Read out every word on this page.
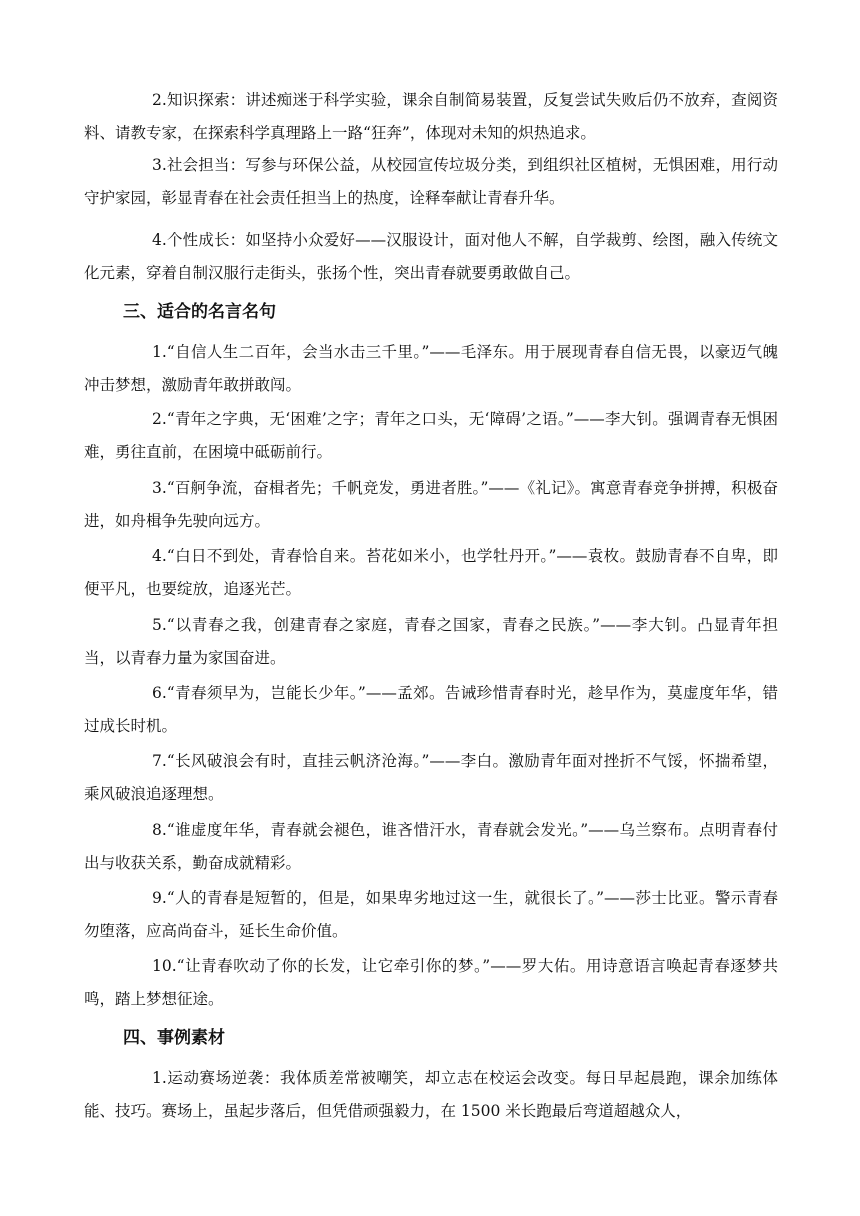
2.知识探索：讲述痴迷于科学实验，课余自制简易装置，反复尝试失败后仍不放弃，查阅资料、请教专家，在探索科学真理路上一路“狂奔”，体现对未知的炽热追求。

3.社会担当：写参与环保公益，从校园宣传垃圾分类，到组织社区植树，无惧困难，用行动守护家园，彰显青春在社会责任担当上的热度，诠释奉献让青春升华。

4.个性成长：如坚持小众爱好——汉服设计，面对他人不解，自学裁剪、绘图，融入传统文化元素，穿着自制汉服行走街头，张扬个性，突出青春就要勇敢做自己。

三、适合的名言名句

1.“自信人生二百年，会当水击三千里。”——毛泽东。用于展现青春自信无畏，以豪迈气魄冲击梦想，激励青年敢拼敢闯。

2.“青年之字典，无‘困难’之字；青年之口头，无‘障碍’之语。”——李大钊。强调青春无惧困难，勇往直前，在困境中砥砺前行。

3.“百舸争流，奋楫者先；千帆竞发，勇进者胜。”——《礼记》。寓意青春竞争拼搏，积极奋进，如舟楫争先驶向远方。

4.“白日不到处，青春恰自来。苔花如米小，也学牡丹开。”——袁枚。鼓励青春不自卑，即便平凡，也要绽放，追逐光芒。

5.“以青春之我，创建青春之家庭，青春之国家，青春之民族。”——李大钊。凸显青年担当，以青春力量为家国奋进。

6.“青春须早为，岂能长少年。”——孟郊。告诫珍惜青春时光，趁早作为，莫虚度年华，错过成长时机。

7.“长风破浪会有时，直挂云帆济沧海。”——李白。激励青年面对挫折不气馁，怀揣希望，乘风破浪追逐理想。

8.“谁虚度年华，青春就会褪色，谁吝惜汗水，青春就会发光。”——乌兰察布。点明青春付出与收获关系，勤奋成就精彩。

9.“人的青春是短暂的，但是，如果卑劣地过这一生，就很长了。”——莎士比亚。警示青春勿堕落，应高尚奋斗，延长生命价值。

10.“让青春吹动了你的长发，让它牵引你的梦。”——罗大佑。用诗意语言唤起青春逐梦共鸣，踏上梦想征途。

四、事例素材

1.运动赛场逆袭：我体质差常被嘲笑，却立志在校运会改变。每日早起晨跑，课余加练体能、技巧。赛场上，虽起步落后，但凭借顽强毅力，在 1500 米长跑最后弯道超越众人，
